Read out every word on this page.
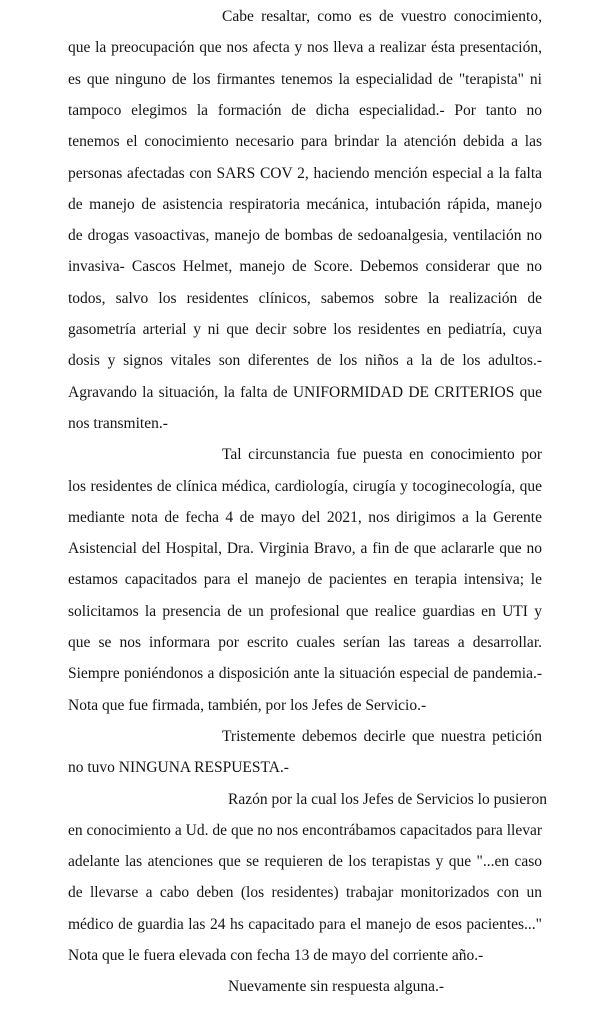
Cabe resaltar, como es de vuestro conocimiento,
que la preocupación que nos afecta y nos lleva a realizar ésta presentación,
es que ninguno de los firmantes tenemos la especialidad de "terapista" ni
tampoco elegimos la formación de dicha especialidad.- Por tanto no
tenemos el conocimiento necesario para brindar la atención debida a las
personas afectadas con SARS COV 2, haciendo mención especial a la falta
de manejo de asistencia respiratoria mecánica, intubación rápida, manejo
de drogas vasoactivas, manejo de bombas de sedoanalgesia, ventilación no
invasiva- Cascos Helmet, manejo de Score. Debemos considerar que no
todos, salvo los residentes clínicos, sabemos sobre la realización de
gasometría arterial y ni que decir sobre los residentes en pediatría, cuya
dosis y signos vitales son diferentes de los niños a la de los adultos.-
Agravando la situación, la falta de UNIFORMIDAD DE CRITERIOS que
nos transmiten.-
Tal circunstancia fue puesta en conocimiento por
los residentes de clínica médica, cardiología, cirugía y tocoginecología, que
mediante nota de fecha 4 de mayo del 2021, nos dirigimos a la Gerente
Asistencial del Hospital, Dra. Virginia Bravo, a fin de que aclararle que no
estamos capacitados para el manejo de pacientes en terapia intensiva; le
solicitamos la presencia de un profesional que realice guardias en UTI y
que se nos informara por escrito cuales serían las tareas a desarrollar.
Siempre poniéndonos a disposición ante la situación especial de pandemia.-
Nota que fue firmada, también, por los Jefes de Servicio.-
Tristemente debemos decirle que nuestra petición
no tuvo NINGUNA RESPUESTA.-
Razón por la cual los Jefes de Servicios lo pusieron
en conocimiento a Ud. de que no nos encontrábamos capacitados para llevar
adelante las atenciones que se requieren de los terapistas y que "...en caso
de llevarse a cabo deben (los residentes) trabajar monitorizados con un
médico de guardia las 24 hs capacitado para el manejo de esos pacientes..."
Nota que le fuera elevada con fecha 13 de mayo del corriente año.-
Nuevamente sin respuesta alguna.-
